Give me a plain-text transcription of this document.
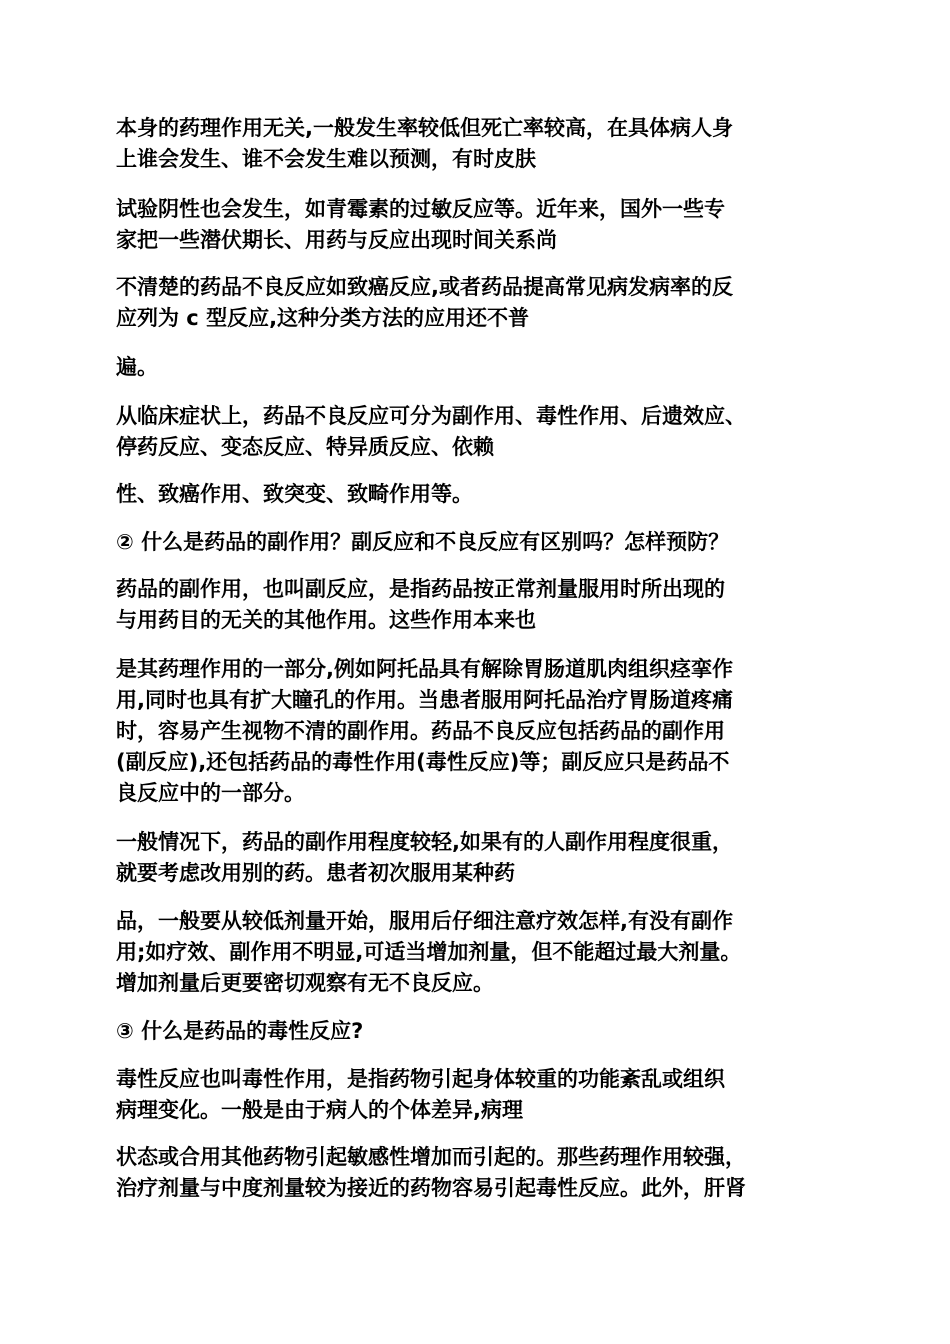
本身的药理作用无关,一般发生率较低但死亡率较高，在具体病人身
上谁会发生、谁不会发生难以预测，有时皮肤

试验阴性也会发生，如青霉素的过敏反应等。近年来，国外一些专
家把一些潜伏期长、用药与反应出现时间关系尚

不清楚的药品不良反应如致癌反应,或者药品提高常见病发病率的反
应列为 c 型反应,这种分类方法的应用还不普

遍。

从临床症状上，药品不良反应可分为副作用、毒性作用、后遗效应、
停药反应、变态反应、特异质反应、依赖

性、致癌作用、致突变、致畸作用等。

② 什么是药品的副作用？副反应和不良反应有区别吗？怎样预防？

药品的副作用，也叫副反应，是指药品按正常剂量服用时所出现的
与用药目的无关的其他作用。这些作用本来也

是其药理作用的一部分,例如阿托品具有解除胃肠道肌肉组织痉挛作
用,同时也具有扩大瞳孔的作用。当患者服用阿托品治疗胃肠道疼痛
时，容易产生视物不清的副作用。药品不良反应包括药品的副作用
(副反应),还包括药品的毒性作用(毒性反应)等；副反应只是药品不
良反应中的一部分。

一般情况下，药品的副作用程度较轻,如果有的人副作用程度很重，
就要考虑改用别的药。患者初次服用某种药

品，一般要从较低剂量开始，服用后仔细注意疗效怎样,有没有副作
用;如疗效、副作用不明显,可适当增加剂量，但不能超过最大剂量。
增加剂量后更要密切观察有无不良反应。

③ 什么是药品的毒性反应?

毒性反应也叫毒性作用，是指药物引起身体较重的功能紊乱或组织
病理变化。一般是由于病人的个体差异,病理

状态或合用其他药物引起敏感性增加而引起的。那些药理作用较强，
治疗剂量与中度剂量较为接近的药物容易引起毒性反应。此外，肝肾
